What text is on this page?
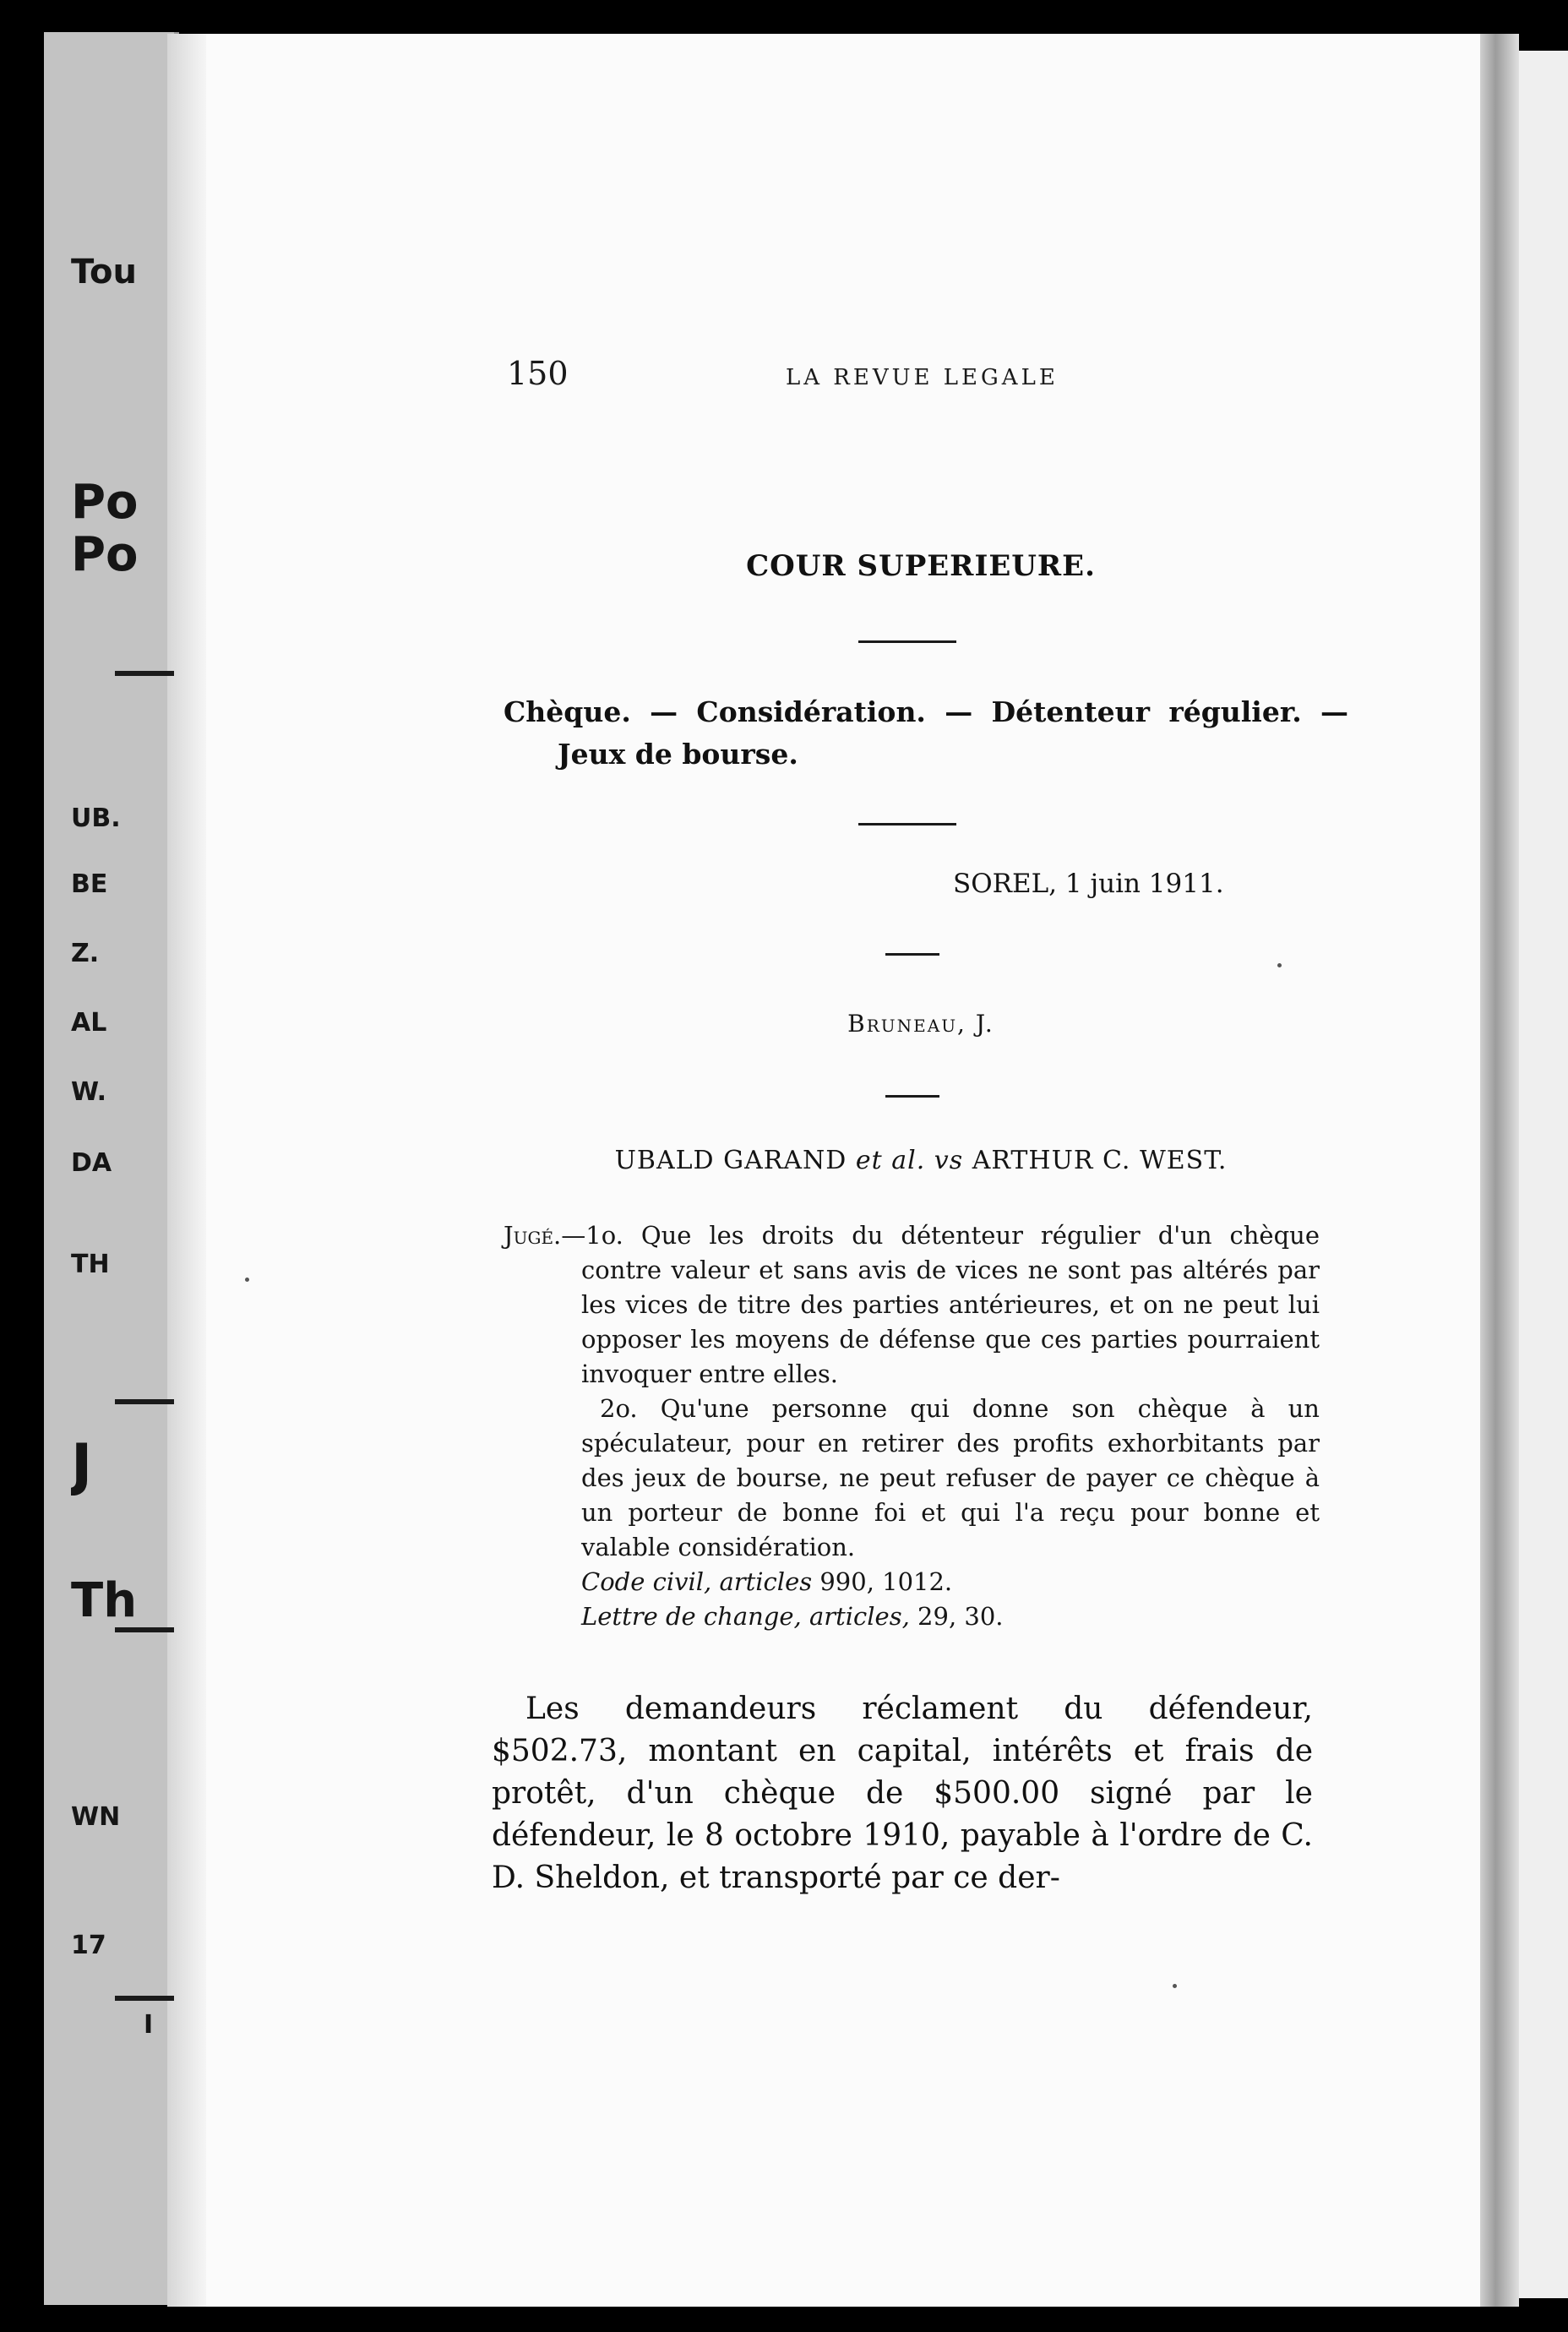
Tou
Po
Po
UB.
BE
Z.
AL
W.
DA
TH
J
Th
WN
17
I
150	LA REVUE LEGALE
COUR SUPERIEURE.
Chèque. — Considération. — Détenteur régulier. — Jeux de bourse.
SOREL, 1 juin 1911.
Bruneau, J.
UBALD GARAND et al. vs ARTHUR C. WEST.

Jugé.—1o. Que les droits du détenteur régulier d'un chèque contre valeur et sans avis de vices ne sont pas altérés par les vices de titre des parties antérieures, et on ne peut lui opposer les moyens de défense que ces parties pourraient invoquer entre elles.

2o. Qu'une personne qui donne son chèque à un spéculateur, pour en retirer des profits exhorbitants par des jeux de bourse, ne peut refuser de payer ce chèque à un porteur de bonne foi et qui l'a reçu pour bonne et valable considération.

Code civil, articles 990, 1012.

Lettre de change, articles, 29, 30.

Les demandeurs réclament du défendeur, $502.73, montant en capital, intérêts et frais de protêt, d'un chèque de $500.00 signé par le défendeur, le 8 octobre 1910, payable à l'ordre de C. D. Sheldon, et transporté par ce der-
